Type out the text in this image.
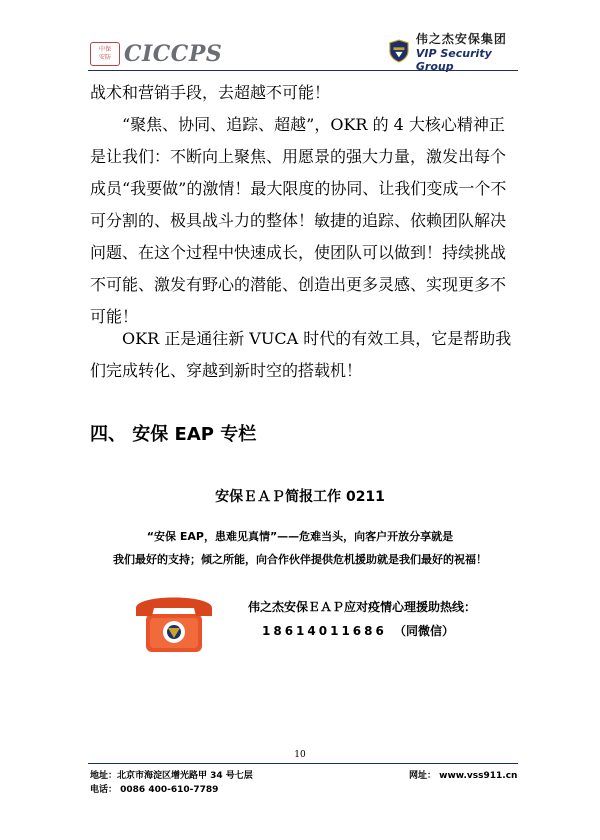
中保
安防 CICCPS
伟之杰安保集团
VIP Security Group

战术和营销手段，去超越不可能！

“聚焦、协同、追踪、超越”，OKR 的 4 大核心精神正是让我们：不断向上聚焦、用愿景的强大力量，激发出每个成员“我要做”的激情！最大限度的协同、让我们变成一个不可分割的、极具战斗力的整体！敏捷的追踪、依赖团队解决问题、在这个过程中快速成长，使团队可以做到！持续挑战不可能、激发有野心的潜能、创造出更多灵感、实现更多不可能！

OKR 正是通往新 VUCA 时代的有效工具，它是帮助我们完成转化、穿越到新时空的搭载机！

四、 安保 EAP 专栏
安保ＥＡＰ简报工作 0211
“安保 EAP，患难见真情”——危难当头，向客户开放分享就是
我们最好的支持；倾之所能，向合作伙伴提供危机援助就是我们最好的祝福！
伟之杰安保ＥＡＰ应对疫情心理援助热线：
18614011686 （同微信）
10
地址：北京市海淀区增光路甲 34 号七层
电话： 0086 400-610-7789
网址： www.vss911.cn
